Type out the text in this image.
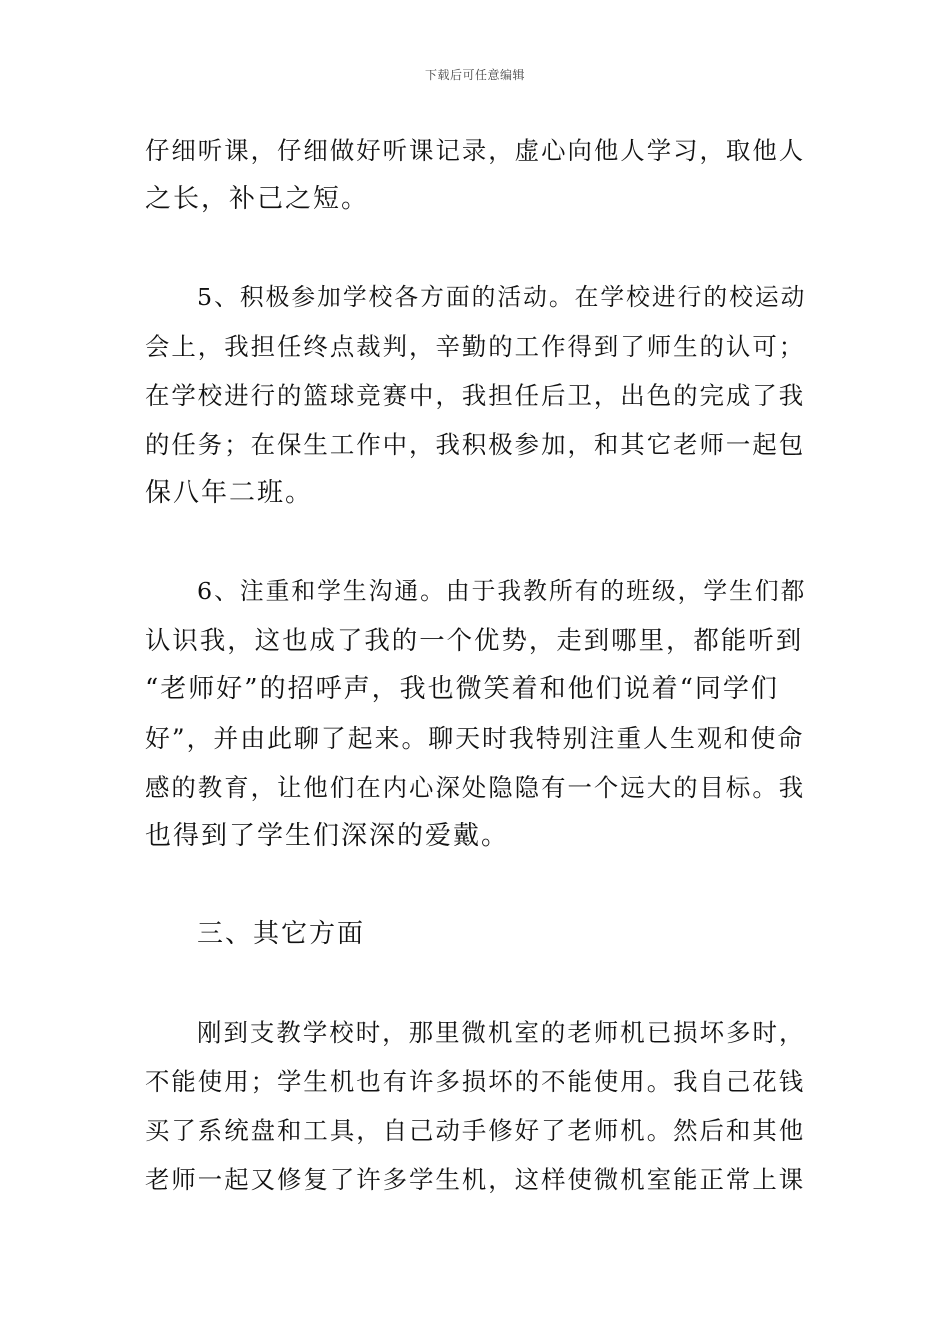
下载后可任意编辑

仔细听课，仔细做好听课记录，虚心向他人学习，取他人
之长，补己之短。

5、积极参加学校各方面的活动。在学校进行的校运动
会上，我担任终点裁判，辛勤的工作得到了师生的认可；
在学校进行的篮球竞赛中，我担任后卫，出色的完成了我
的任务；在保生工作中，我积极参加，和其它老师一起包
保八年二班。

6、注重和学生沟通。由于我教所有的班级，学生们都
认识我，这也成了我的一个优势，走到哪里，都能听到
“老师好”的招呼声，我也微笑着和他们说着“同学们
好”，并由此聊了起来。聊天时我特别注重人生观和使命
感的教育，让他们在内心深处隐隐有一个远大的目标。我
也得到了学生们深深的爱戴。

三、其它方面

刚到支教学校时，那里微机室的老师机已损坏多时，
不能使用；学生机也有许多损坏的不能使用。我自己花钱
买了系统盘和工具，自己动手修好了老师机。然后和其他
老师一起又修复了许多学生机，这样使微机室能正常上课
